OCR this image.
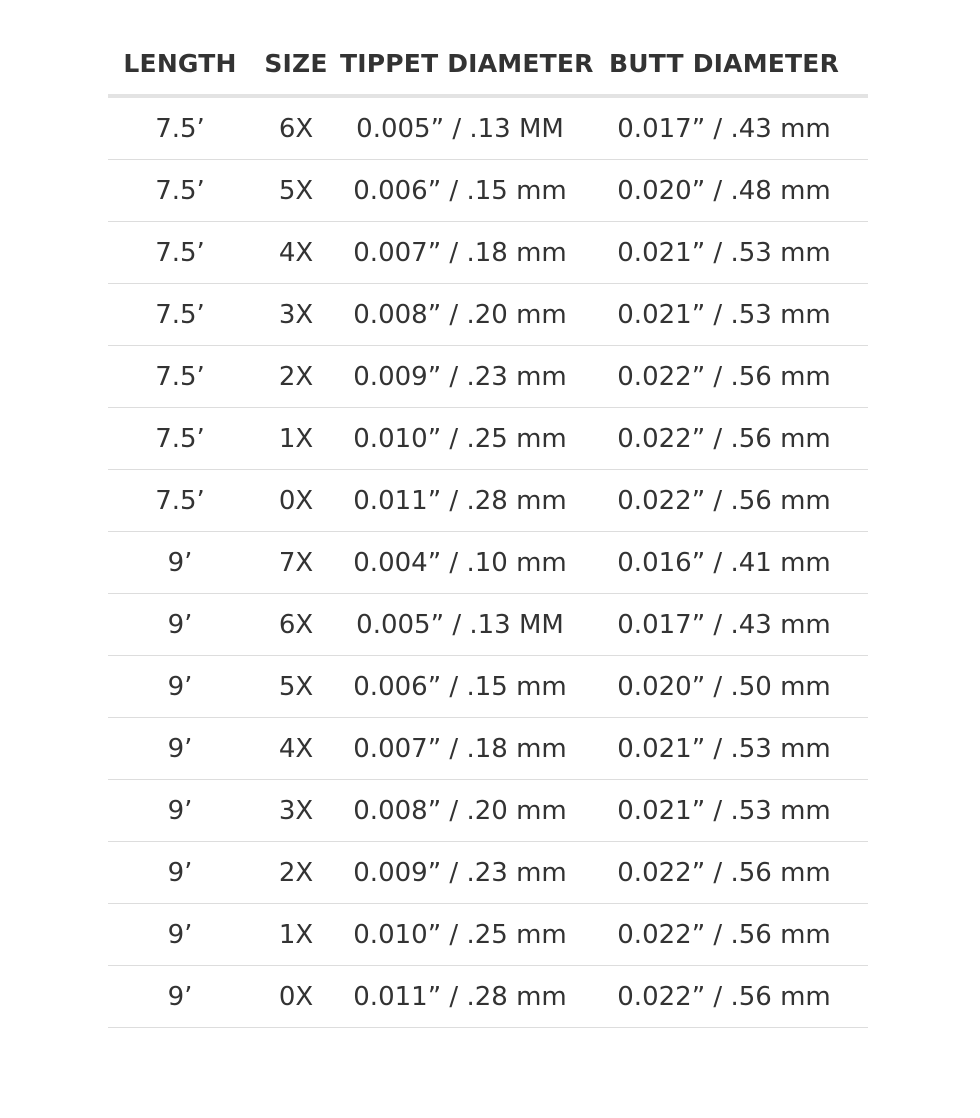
LENGTH	SIZE	TIPPET DIAMETER	BUTT DIAMETER
7.5’	6X	0.005” / .13 MM	0.017” / .43 mm
7.5’	5X	0.006” / .15 mm	0.020” / .48 mm
7.5’	4X	0.007” / .18 mm	0.021” / .53 mm
7.5’	3X	0.008” / .20 mm	0.021” / .53 mm
7.5’	2X	0.009” / .23 mm	0.022” / .56 mm
7.5’	1X	0.010” / .25 mm	0.022” / .56 mm
7.5’	0X	0.011” / .28 mm	0.022” / .56 mm
9’	7X	0.004” / .10 mm	0.016” / .41 mm
9’	6X	0.005” / .13 MM	0.017” / .43 mm
9’	5X	0.006” / .15 mm	0.020” / .50 mm
9’	4X	0.007” / .18 mm	0.021” / .53 mm
9’	3X	0.008” / .20 mm	0.021” / .53 mm
9’	2X	0.009” / .23 mm	0.022” / .56 mm
9’	1X	0.010” / .25 mm	0.022” / .56 mm
9’	0X	0.011” / .28 mm	0.022” / .56 mm
